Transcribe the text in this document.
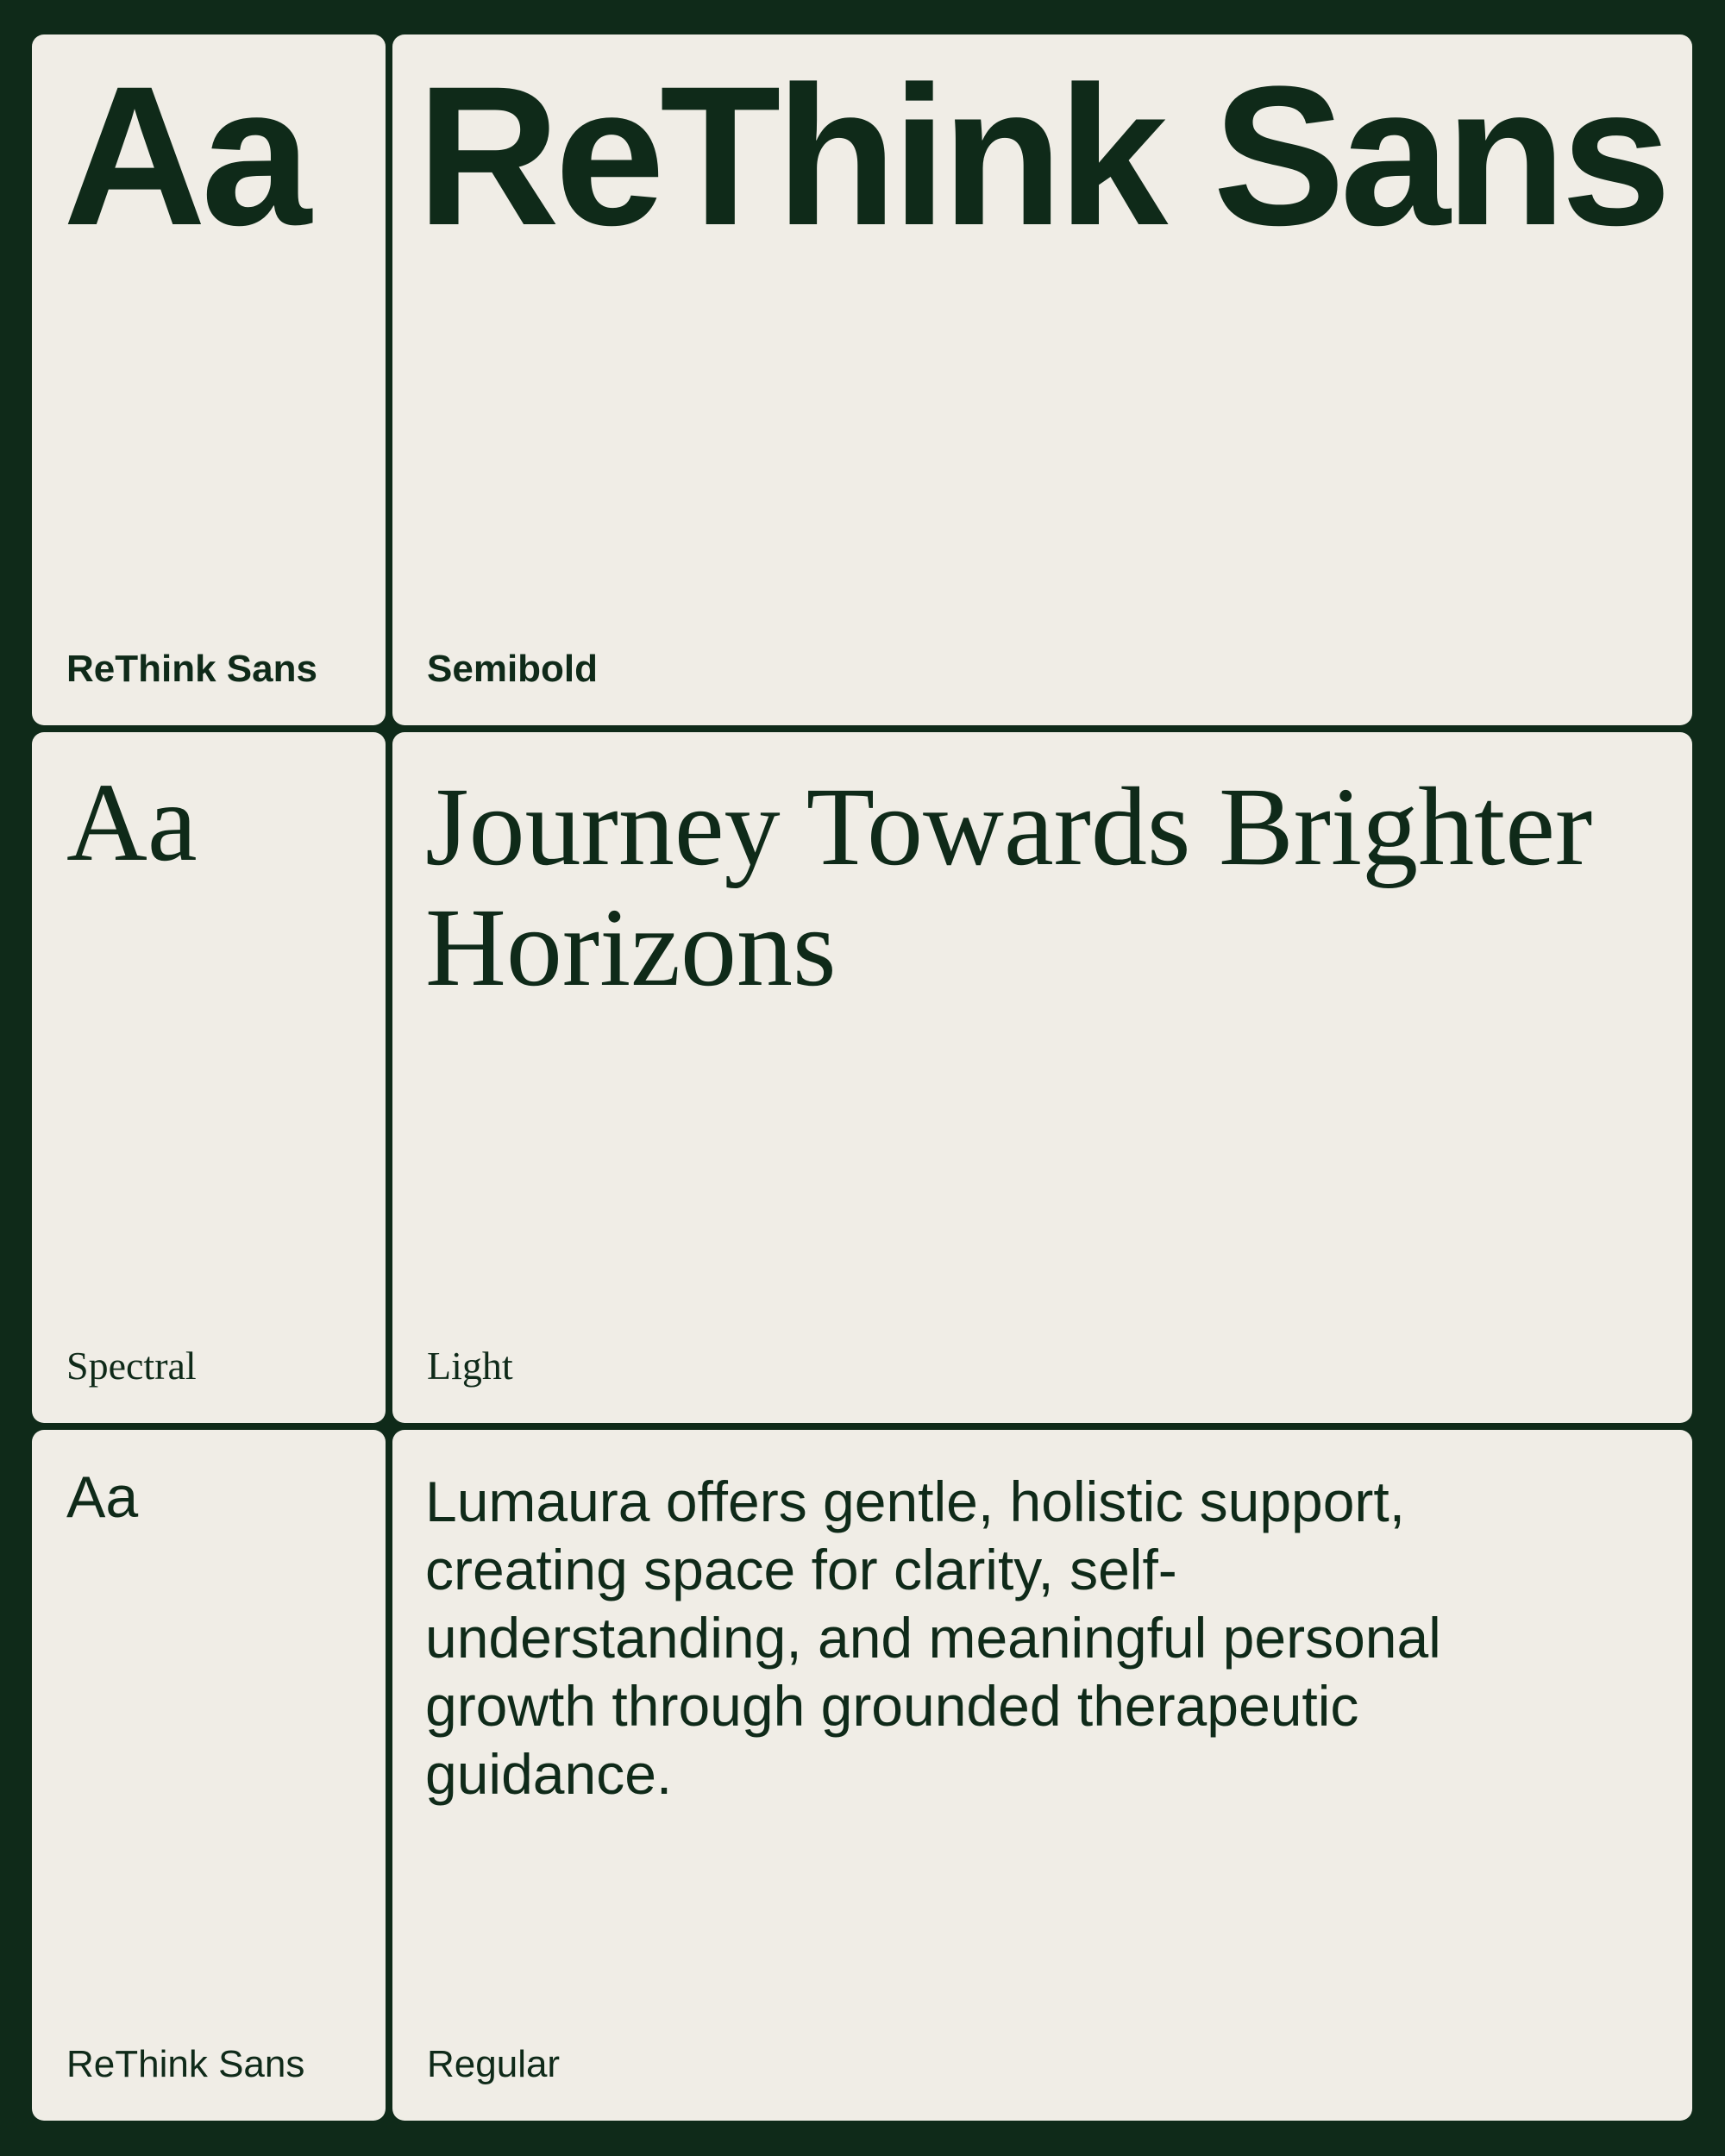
Aa
ReThink Sans
ReThink Sans
Semibold
Aa
Spectral
Journey Towards Brighter Horizons
Light
Aa
ReThink Sans
Lumaura offers gentle, holistic support, creating space for clarity, self-understanding, and meaningful personal growth through grounded therapeutic guidance.
Regular
